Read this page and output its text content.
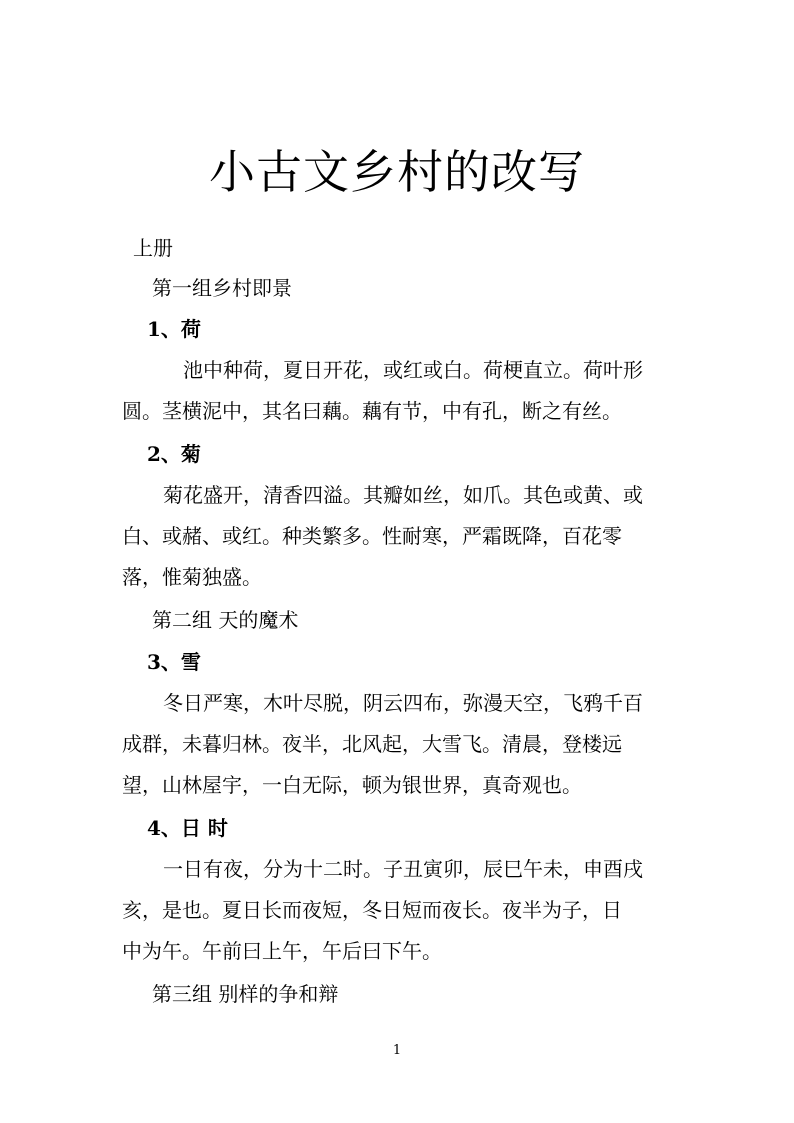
小古文乡村的改写
上册
第一组乡村即景
1、荷
池中种荷，夏日开花，或红或白。荷梗直立。荷叶形
圆。茎横泥中，其名曰藕。藕有节，中有孔，断之有丝。
2、菊
菊花盛开，清香四溢。其瓣如丝，如爪。其色或黄、或
白、或赭、或红。种类繁多。性耐寒，严霜既降，百花零
落，惟菊独盛。
第二组 天的魔术
3、雪
冬日严寒，木叶尽脱，阴云四布，弥漫天空，飞鸦千百
成群，未暮归林。夜半，北风起，大雪飞。清晨，登楼远
望，山林屋宇，一白无际，顿为银世界，真奇观也。
4、日 时
一日有夜，分为十二时。子丑寅卯，辰巳午未，申酉戌
亥，是也。夏日长而夜短，冬日短而夜长。夜半为子，日
中为午。午前曰上午，午后曰下午。
第三组 别样的争和辩
1
